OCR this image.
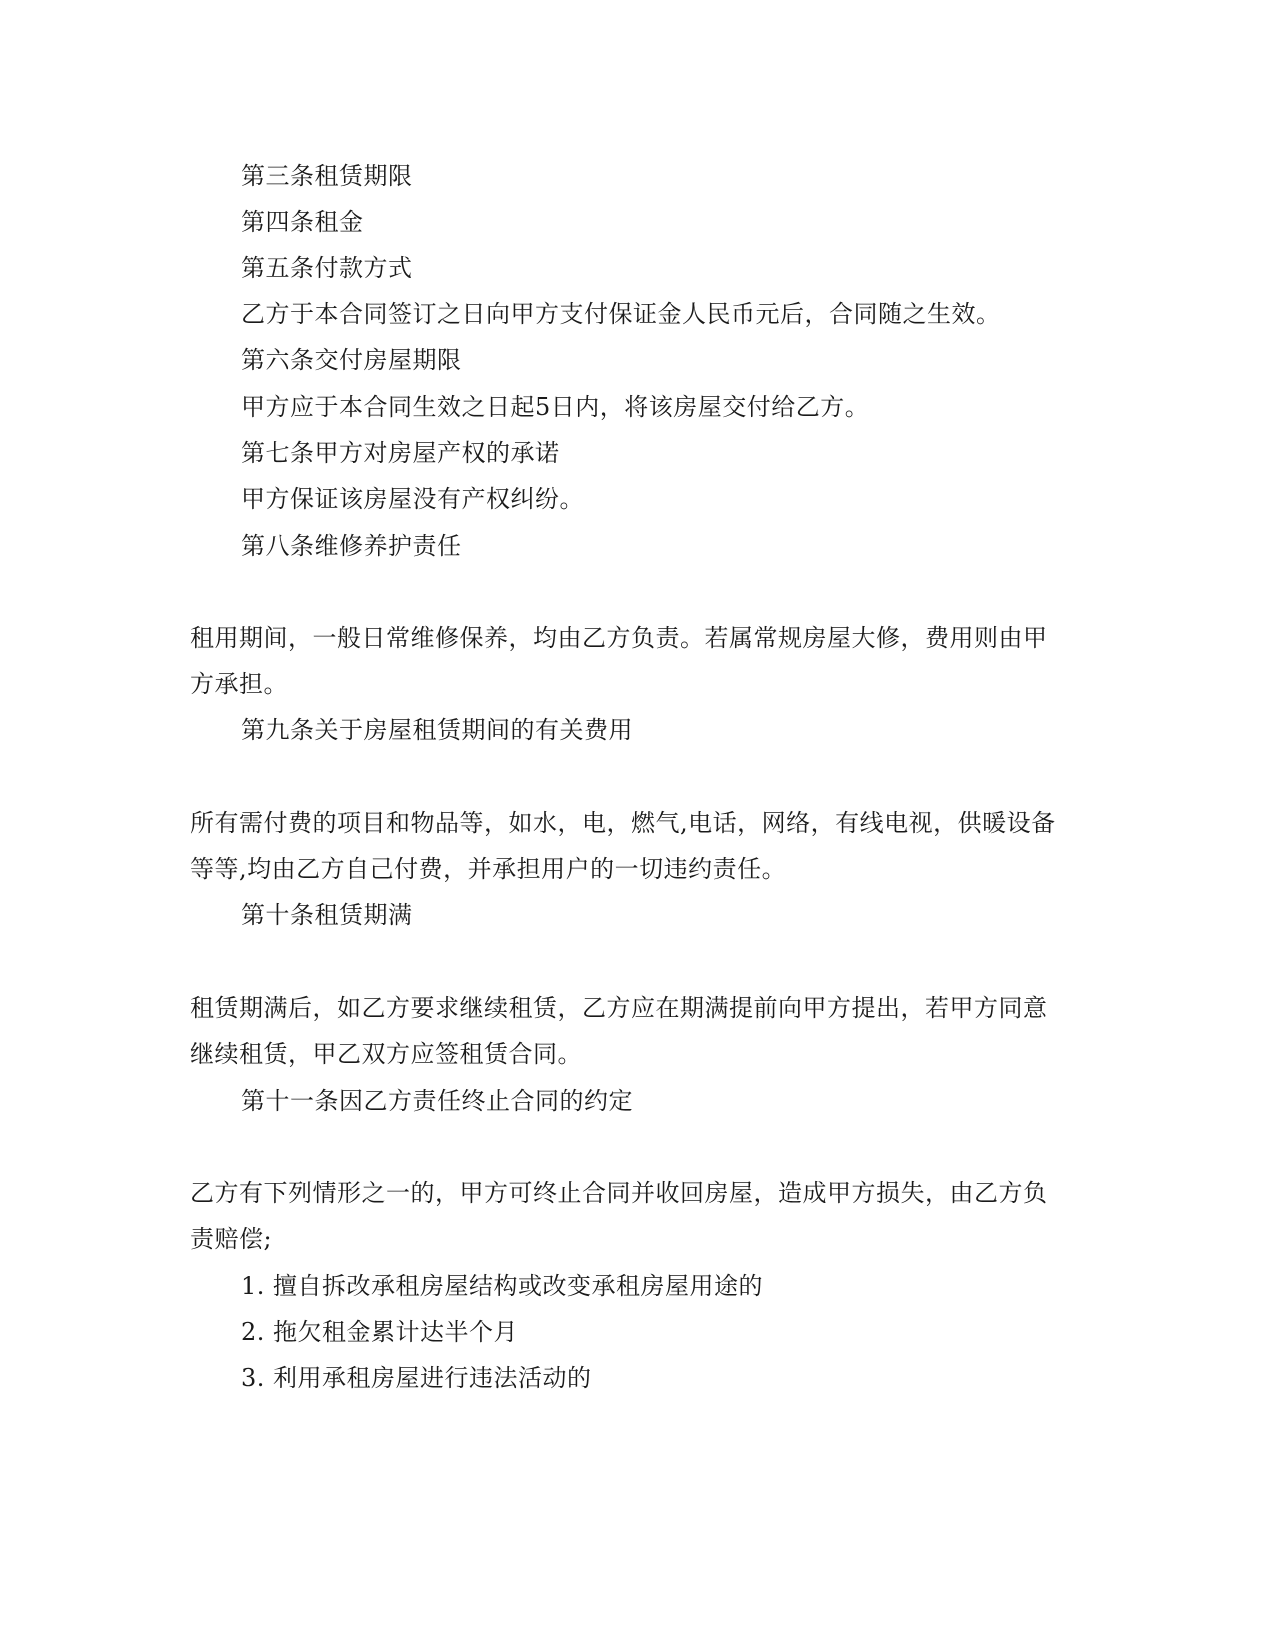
第三条租赁期限
第四条租金
第五条付款方式
乙方于本合同签订之日向甲方支付保证金人民币元后，合同随之生效。
第六条交付房屋期限
甲方应于本合同生效之日起5日内，将该房屋交付给乙方。
第七条甲方对房屋产权的承诺
甲方保证该房屋没有产权纠纷。
第八条维修养护责任
租用期间，一般日常维修保养，均由乙方负责。若属常规房屋大修，费用则由甲
方承担。
第九条关于房屋租赁期间的有关费用
所有需付费的项目和物品等，如水，电，燃气,电话，网络，有线电视，供暖设备
等等,均由乙方自己付费，并承担用户的一切违约责任。
第十条租赁期满
租赁期满后，如乙方要求继续租赁，乙方应在期满提前向甲方提出，若甲方同意
继续租赁，甲乙双方应签租赁合同。
第十一条因乙方责任终止合同的约定
乙方有下列情形之一的，甲方可终止合同并收回房屋，造成甲方损失，由乙方负
责赔偿;
1. 擅自拆改承租房屋结构或改变承租房屋用途的
2. 拖欠租金累计达半个月
3. 利用承租房屋进行违法活动的
